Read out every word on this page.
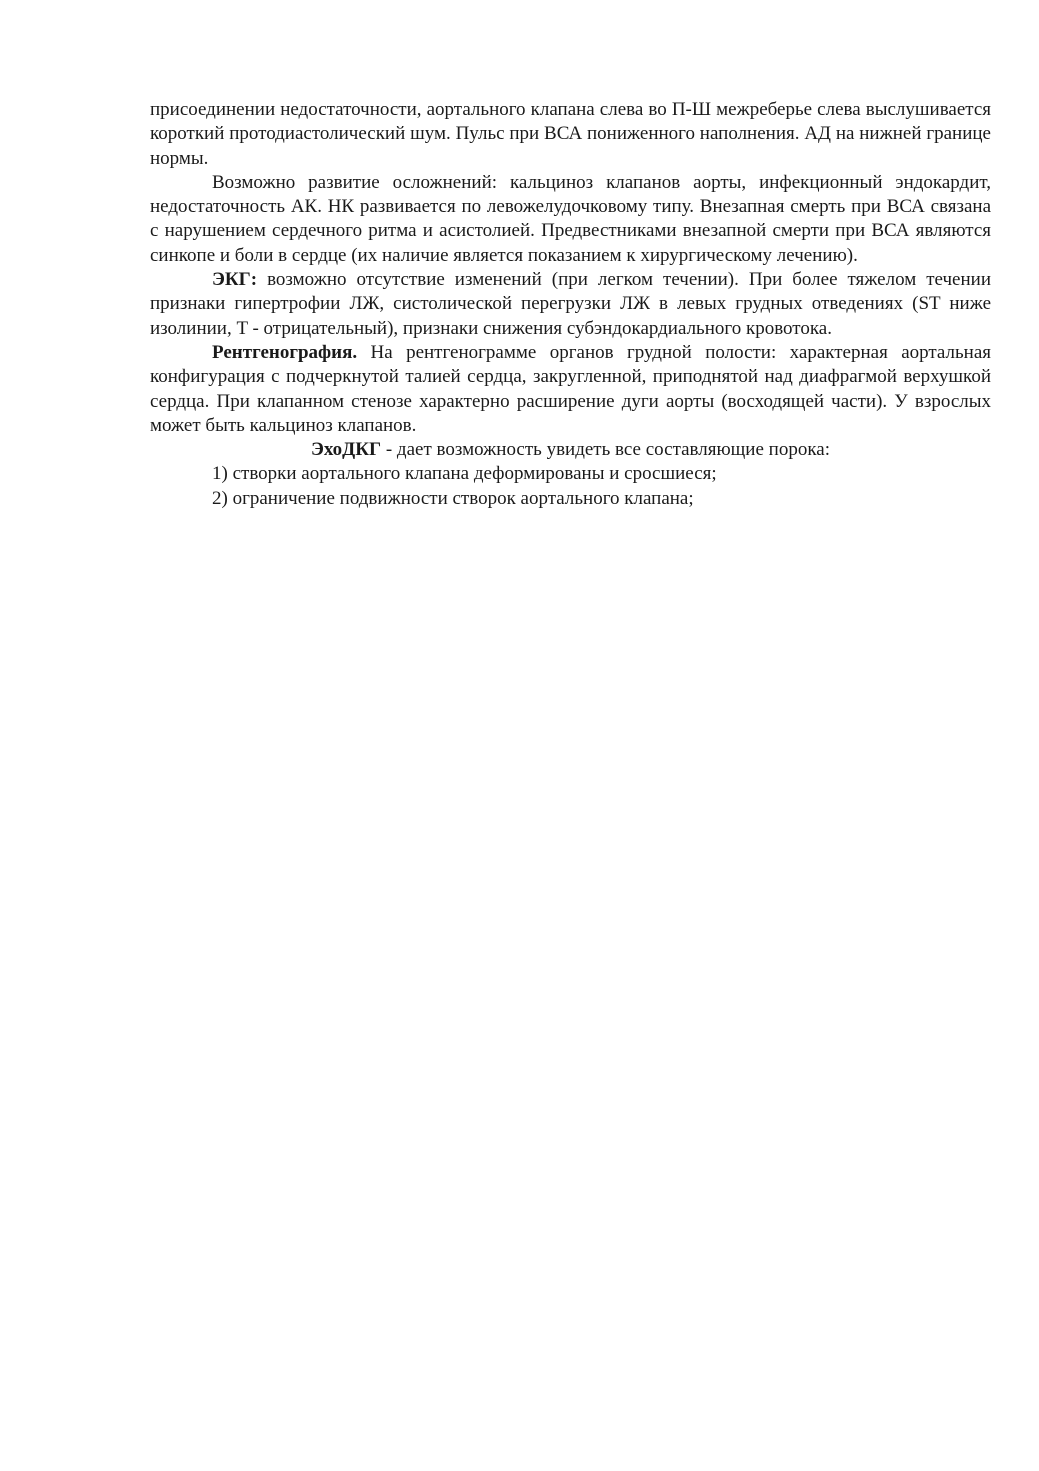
присоединении недостаточности, аортального клапана слева во П-Ш межреберье слева выслушивается короткий протодиастолический шум. Пульс при ВСА пониженного наполнения. АД на нижней границе нормы.

Возможно развитие осложнений: кальциноз клапанов аорты, инфекционный эндокардит, недостаточность АК. НК развивается по левожелудочковому типу. Внезапная смерть при ВСА связана с нарушением сердечного ритма и асистолией. Предвестниками внезапной смерти при ВСА являются синкопе и боли в сердце (их наличие является показанием к хирургическому лечению).

ЭКГ: возможно отсутствие изменений (при легком течении). При более тяжелом течении признаки гипертрофии ЛЖ, систолической перегрузки ЛЖ в левых грудных отведениях (ST ниже изолинии, T - отрицательный), признаки снижения субэндокардиального кровотока.

Рентгенография. На рентгенограмме органов грудной полости: характерная аортальная конфигурация с подчеркнутой талией сердца, закругленной, приподнятой над диафрагмой верхушкой сердца. При клапанном стенозе характерно расширение дуги аорты (восходящей части). У взрослых может быть кальциноз клапанов.

ЭхоДКГ - дает возможность увидеть все составляющие порока:

1) створки аортального клапана деформированы и сросшиеся;

2) ограничение подвижности створок аортального клапана;
